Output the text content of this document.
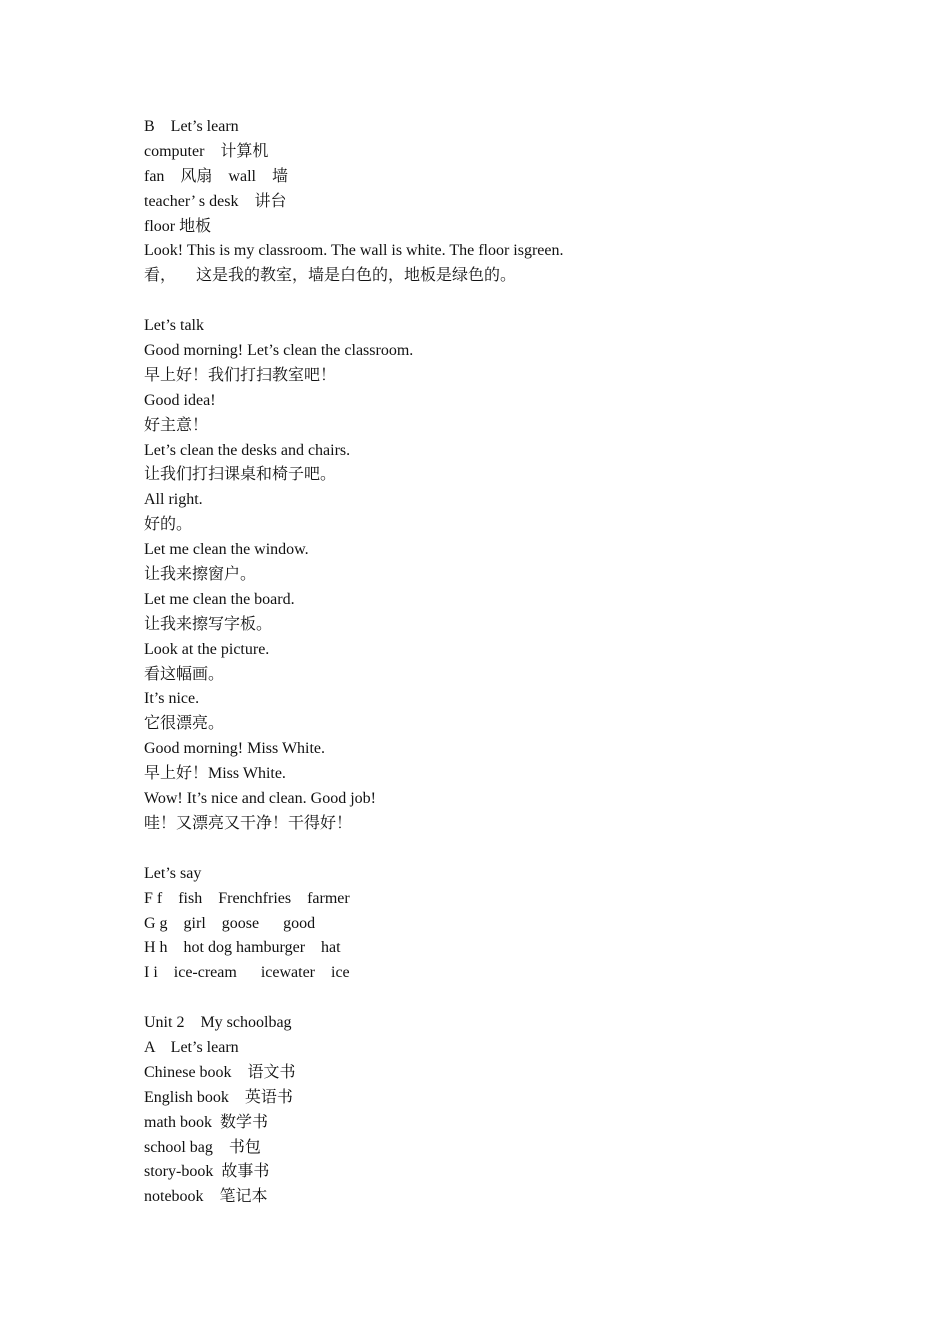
B    Let’s learn
computer    计算机
fan    风扇    wall    墙
teacher’ s desk    讲台
floor 地板
Look! This is my classroom. The wall is white. The floor isgreen.
看，     这是我的教室，墙是白色的，地板是绿色的。
Let’s talk
Good morning! Let’s clean the classroom.
早上好！我们打扫教室吧！
Good idea!
好主意！
Let’s clean the desks and chairs.
让我们打扫课桌和椅子吧。
All right.
好的。
Let me clean the window.
让我来擦窗户。
Let me clean the board.
让我来擦写字板。
Look at the picture.
看这幅画。
It’s nice.
它很漂亮。
Good morning! Miss White.
早上好！Miss White.
Wow! It’s nice and clean. Good job!
哇！又漂亮又干净！干得好！
Let’s say
F f    fish    Frenchfries    farmer
G g    girl    goose      good
H h    hot dog hamburger    hat
I i    ice-cream      icewater    ice
Unit 2    My schoolbag
A    Let’s learn
Chinese book    语文书
English book    英语书
math book  数学书
school bag    书包
story-book  故事书
notebook    笔记本
